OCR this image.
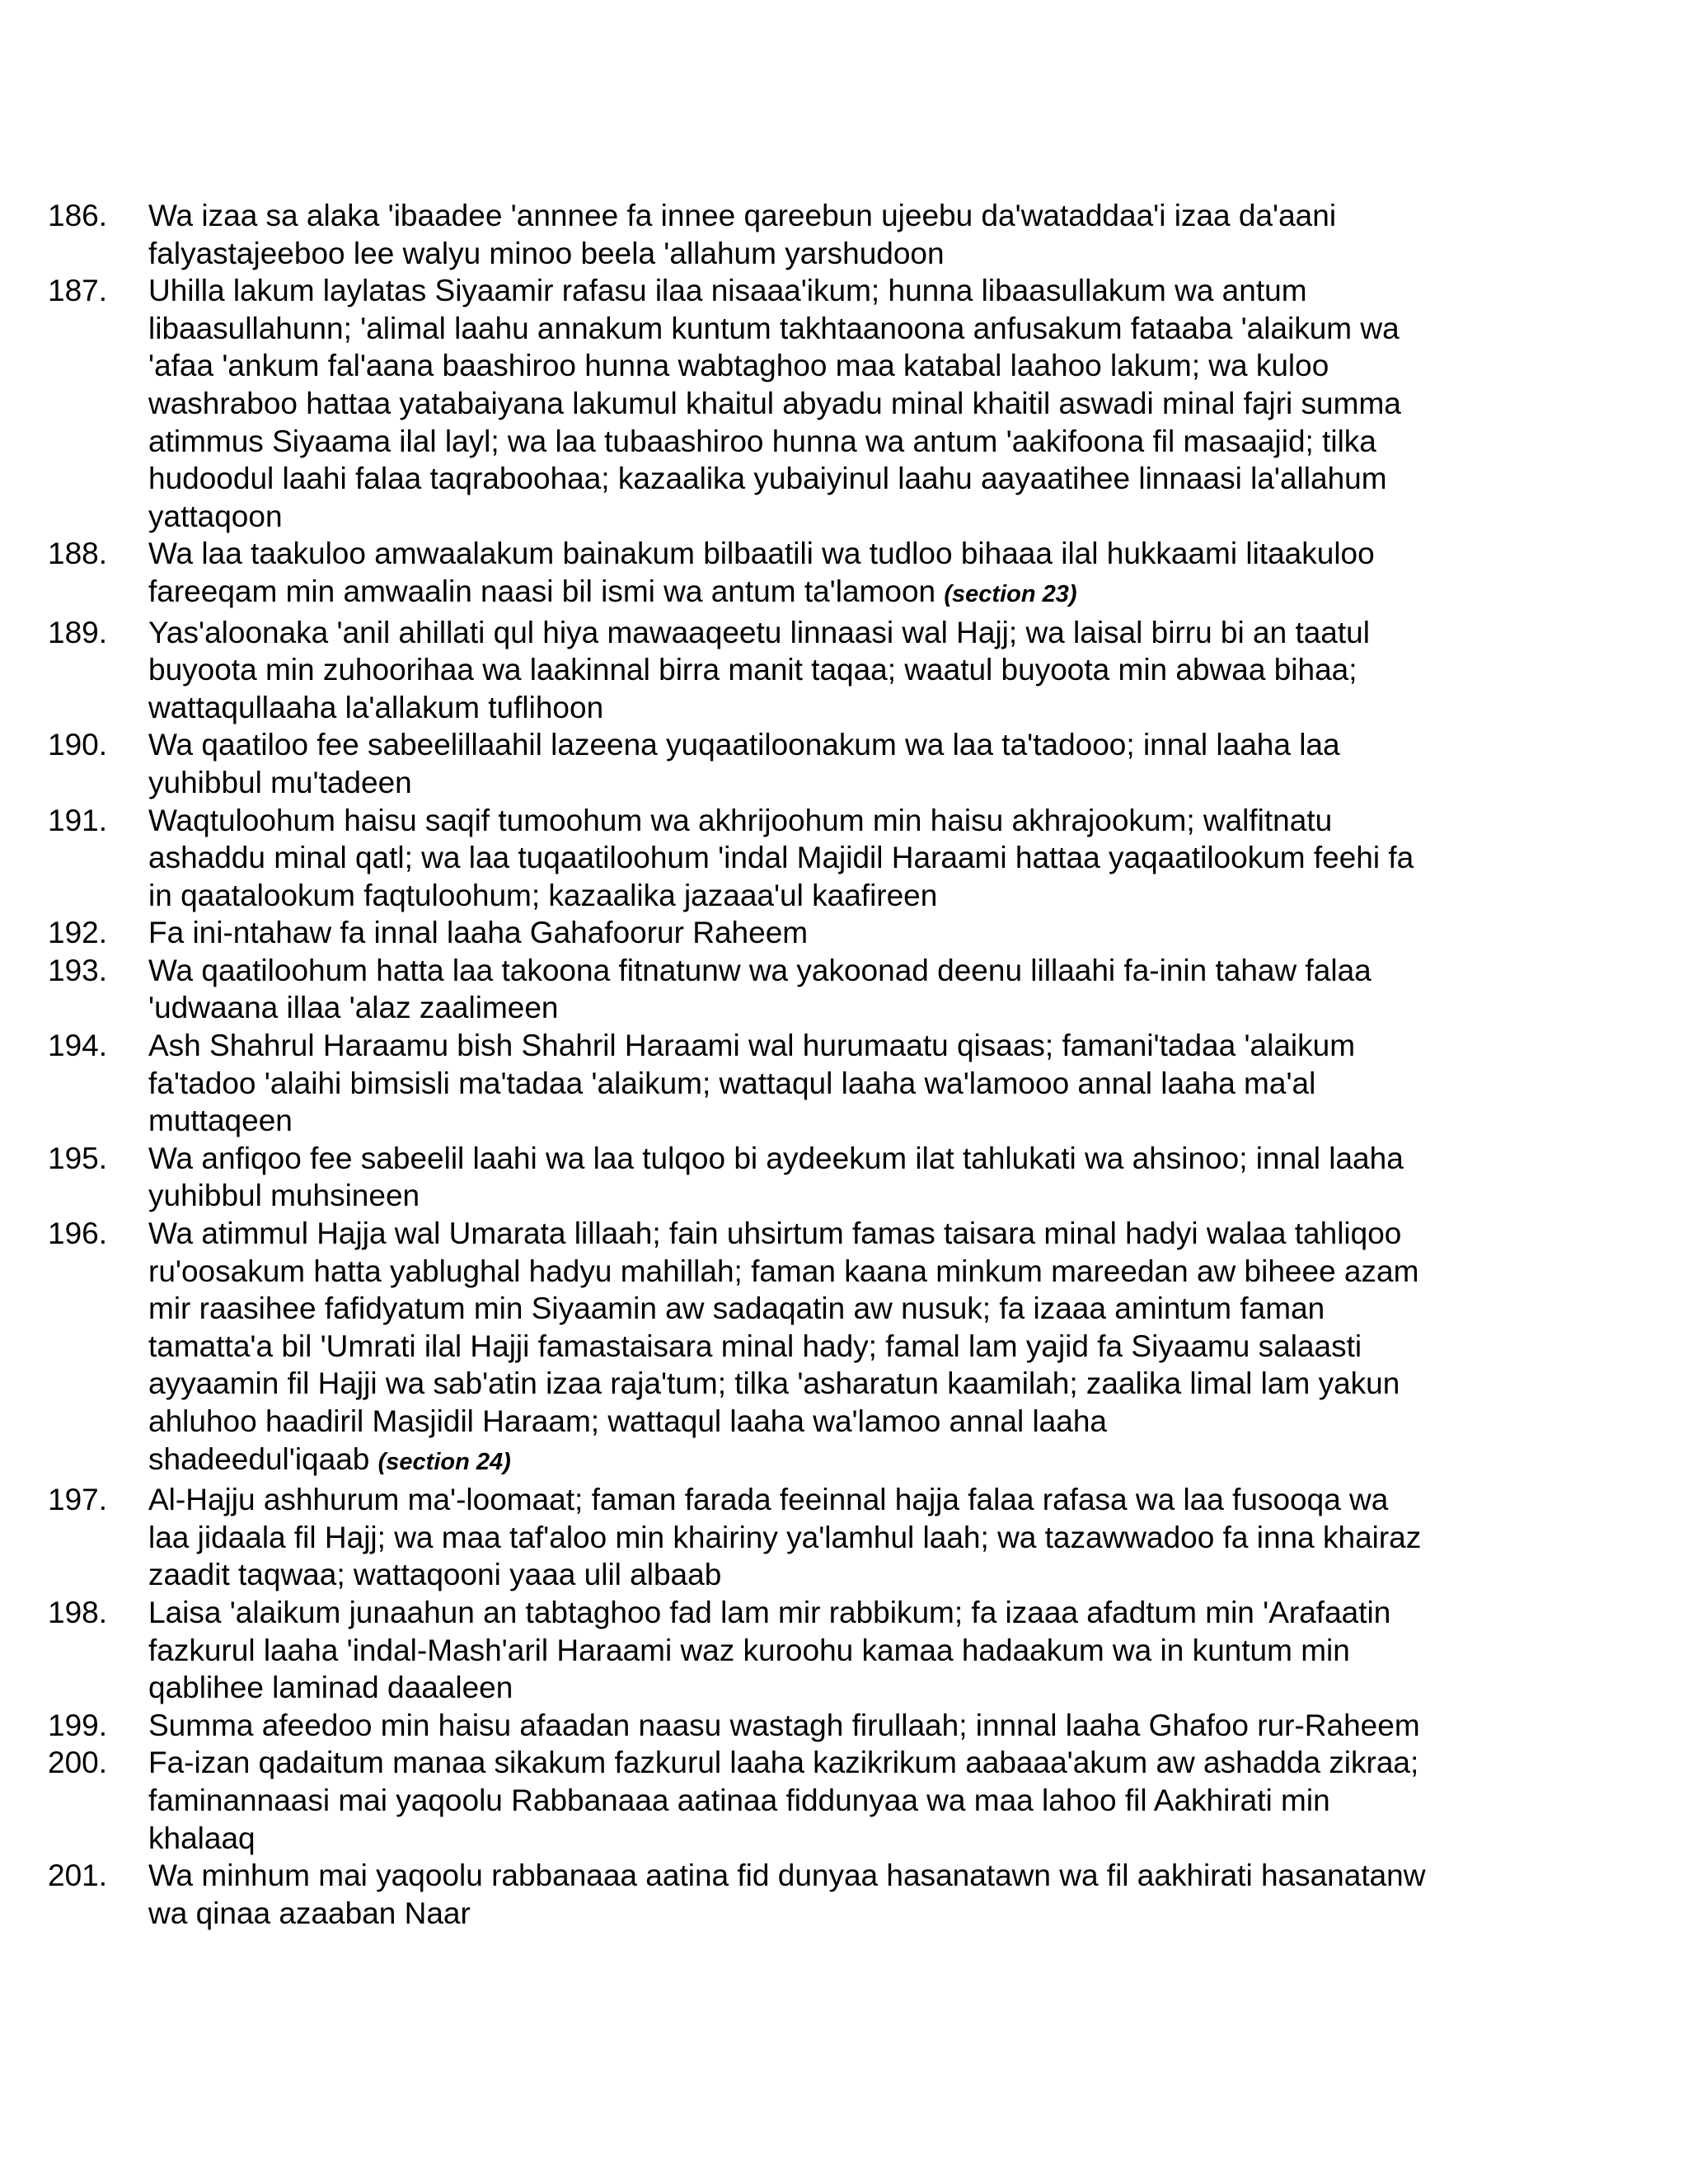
186.	Wa izaa sa alaka 'ibaadee 'annnee fa innee qareebun ujeebu da'wataddaa'i izaa da'aani
falyastajeeboo lee walyu minoo beela 'allahum yarshudoon
187.	Uhilla lakum laylatas Siyaamir rafasu ilaa nisaaa'ikum; hunna libaasullakum wa antum
libaasullahunn; 'alimal laahu annakum kuntum takhtaanoona anfusakum fataaba 'alaikum wa
'afaa 'ankum fal'aana baashiroo hunna wabtaghoo maa katabal laahoo lakum; wa kuloo
washraboo hattaa yatabaiyana lakumul khaitul abyadu minal khaitil aswadi minal fajri summa
atimmus Siyaama ilal layl; wa laa tubaashiroo hunna wa antum 'aakifoona fil masaajid; tilka
hudoodul laahi falaa taqraboohaa; kazaalika yubaiyinul laahu aayaatihee linnaasi la'allahum
yattaqoon
188.	Wa laa taakuloo amwaalakum bainakum bilbaatili wa tudloo bihaaa ilal hukkaami litaakuloo
fareeqam min amwaalin naasi bil ismi wa antum ta'lamoon (section 23)
189.	Yas'aloonaka 'anil ahillati qul hiya mawaaqeetu linnaasi wal Hajj; wa laisal birru bi an taatul
buyoota min zuhoorihaa wa laakinnal birra manit taqaa; waatul buyoota min abwaa bihaa;
wattaqullaaha la'allakum tuflihoon
190.	Wa qaatiloo fee sabeelillaahil lazeena yuqaatiloonakum wa laa ta'tadooo; innal laaha laa
yuhibbul mu'tadeen
191.	Waqtuloohum haisu saqif tumoohum wa akhrijoohum min haisu akhrajookum; walfitnatu
ashaddu minal qatl; wa laa tuqaatiloohum 'indal Majidil Haraami hattaa yaqaatilookum feehi fa
in qaatalookum faqtuloohum; kazaalika jazaaa'ul kaafireen
192.	Fa ini-ntahaw fa innal laaha Gahafoorur Raheem
193.	Wa qaatiloohum hatta laa takoona fitnatunw wa yakoonad deenu lillaahi fa-inin tahaw falaa
'udwaana illaa 'alaz zaalimeen
194.	Ash Shahrul Haraamu bish Shahril Haraami wal hurumaatu qisaas; famani'tadaa 'alaikum
fa'tadoo 'alaihi bimsisli ma'tadaa 'alaikum; wattaqul laaha wa'lamooo annal laaha ma'al
muttaqeen
195.	Wa anfiqoo fee sabeelil laahi wa laa tulqoo bi aydeekum ilat tahlukati wa ahsinoo; innal laaha
yuhibbul muhsineen
196.	Wa atimmul Hajja wal Umarata lillaah; fain uhsirtum famas taisara minal hadyi walaa tahliqoo
ru'oosakum hatta yablughal hadyu mahillah; faman kaana minkum mareedan aw biheee azam
mir raasihee fafidyatum min Siyaamin aw sadaqatin aw nusuk; fa izaaa amintum faman
tamatta'a bil 'Umrati ilal Hajji famastaisara minal hady; famal lam yajid fa Siyaamu salaasti
ayyaamin fil Hajji wa sab'atin izaa raja'tum; tilka 'asharatun kaamilah; zaalika limal lam yakun
ahluhoo haadiril Masjidil Haraam; wattaqul laaha wa'lamoo annal laaha
shadeedul'iqaab (section 24)
197.	Al-Hajju ashhurum ma'-loomaat; faman farada feeinnal hajja falaa rafasa wa laa fusooqa wa
laa jidaala fil Hajj; wa maa taf'aloo min khairiny ya'lamhul laah; wa tazawwadoo fa inna khairaz
zaadit taqwaa; wattaqooni yaaa ulil albaab
198.	Laisa 'alaikum junaahun an tabtaghoo fad lam mir rabbikum; fa izaaa afadtum min 'Arafaatin
fazkurul laaha 'indal-Mash'aril Haraami waz kuroohu kamaa hadaakum wa in kuntum min
qablihee laminad daaaleen
199.	Summa afeedoo min haisu afaadan naasu wastagh firullaah; innnal laaha Ghafoo rur-Raheem
200.	Fa-izan qadaitum manaa sikakum fazkurul laaha kazikrikum aabaaa'akum aw ashadda zikraa;
faminannaasi mai yaqoolu Rabbanaaa aatinaa fiddunyaa wa maa lahoo fil Aakhirati min
khalaaq
201.	Wa minhum mai yaqoolu rabbanaaa aatina fid dunyaa hasanatawn wa fil aakhirati hasanatanw
wa qinaa azaaban Naar
